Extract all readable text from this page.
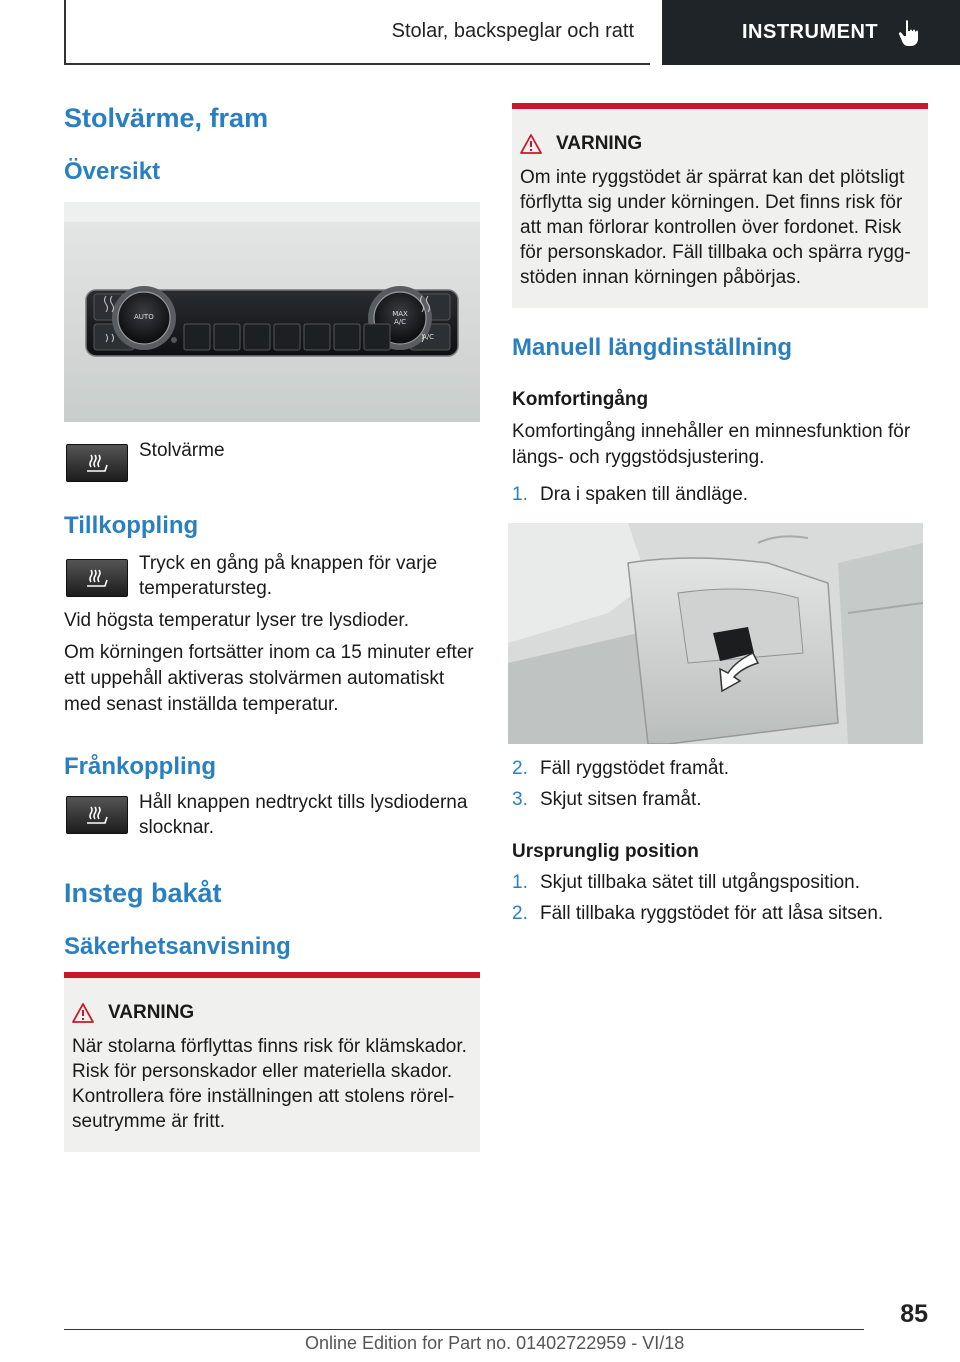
Stolar, backspeglar och ratt	INSTRUMENT
Stolvärme, fram
Översikt
AUTO	MAX A/C
A/C
Stolvärme
Tillkoppling
Tryck en gång på knappen för varje temperatursteg.
Vid högsta temperatur lyser tre lysdioder.
Om körningen fortsätter inom ca 15 minuter efter ett uppehåll aktiveras stolvärmen automatiskt med senast inställda temperatur.
Frånkoppling
Håll knappen nedtryckt tills lysdioderna slocknar.
Insteg bakåt
Säkerhetsanvisning
VARNING
När stolarna förflyttas finns risk för klämskador. Risk för personskador eller materiella skador. Kontrollera före inställningen att stolens rörelseutrymme är fritt.
VARNING
Om inte ryggstödet är spärrat kan det plötsligt förflytta sig under körningen. Det finns risk för att man förlorar kontrollen över fordonet. Risk för personskador. Fäll tillbaka och spärra ryggstöden innan körningen påbörjas.
Manuell längdinställning
Komfortingång
Komfortingång innehåller en minnesfunktion för längs- och ryggstödsjustering.
1. Dra i spaken till ändläge.
2. Fäll ryggstödet framåt.
3. Skjut sitsen framåt.
Ursprunglig position
1. Skjut tillbaka sätet till utgångsposition.
2. Fäll tillbaka ryggstödet för att låsa sitsen.
85
Online Edition for Part no. 01402722959 - VI/18
